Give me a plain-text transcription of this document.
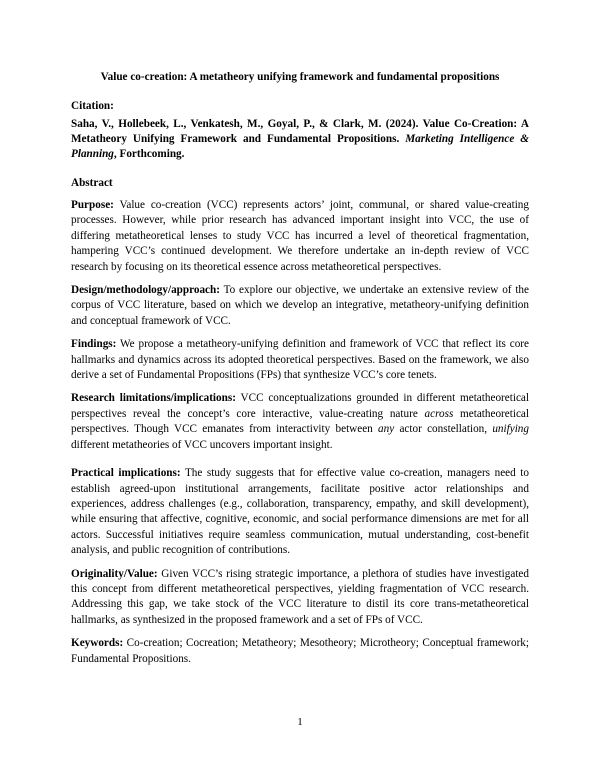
Value co-creation: A metatheory unifying framework and fundamental propositions
Citation:
Saha, V., Hollebeek, L., Venkatesh, M., Goyal, P., & Clark, M. (2024). Value Co-Creation: A Metatheory Unifying Framework and Fundamental Propositions. Marketing Intelligence & Planning, Forthcoming.
Abstract

Purpose: Value co-creation (VCC) represents actors’ joint, communal, or shared value-creating processes. However, while prior research has advanced important insight into VCC, the use of differing metatheoretical lenses to study VCC has incurred a level of theoretical fragmentation, hampering VCC’s continued development. We therefore undertake an in-depth review of VCC research by focusing on its theoretical essence across metatheoretical perspectives.

Design/methodology/approach: To explore our objective, we undertake an extensive review of the corpus of VCC literature, based on which we develop an integrative, metatheory-unifying definition and conceptual framework of VCC.

Findings: We propose a metatheory-unifying definition and framework of VCC that reflect its core hallmarks and dynamics across its adopted theoretical perspectives. Based on the framework, we also derive a set of Fundamental Propositions (FPs) that synthesize VCC’s core tenets.

Research limitations/implications: VCC conceptualizations grounded in different metatheoretical perspectives reveal the concept’s core interactive, value-creating nature across metatheoretical perspectives. Though VCC emanates from interactivity between any actor constellation, unifying different metatheories of VCC uncovers important insight.

Practical implications: The study suggests that for effective value co-creation, managers need to establish agreed-upon institutional arrangements, facilitate positive actor relationships and experiences, address challenges (e.g., collaboration, transparency, empathy, and skill development), while ensuring that affective, cognitive, economic, and social performance dimensions are met for all actors. Successful initiatives require seamless communication, mutual understanding, cost-benefit analysis, and public recognition of contributions.

Originality/Value: Given VCC’s rising strategic importance, a plethora of studies have investigated this concept from different metatheoretical perspectives, yielding fragmentation of VCC research. Addressing this gap, we take stock of the VCC literature to distil its core trans-metatheoretical hallmarks, as synthesized in the proposed framework and a set of FPs of VCC.

Keywords: Co-creation; Cocreation; Metatheory; Mesotheory; Microtheory; Conceptual framework; Fundamental Propositions.

1
